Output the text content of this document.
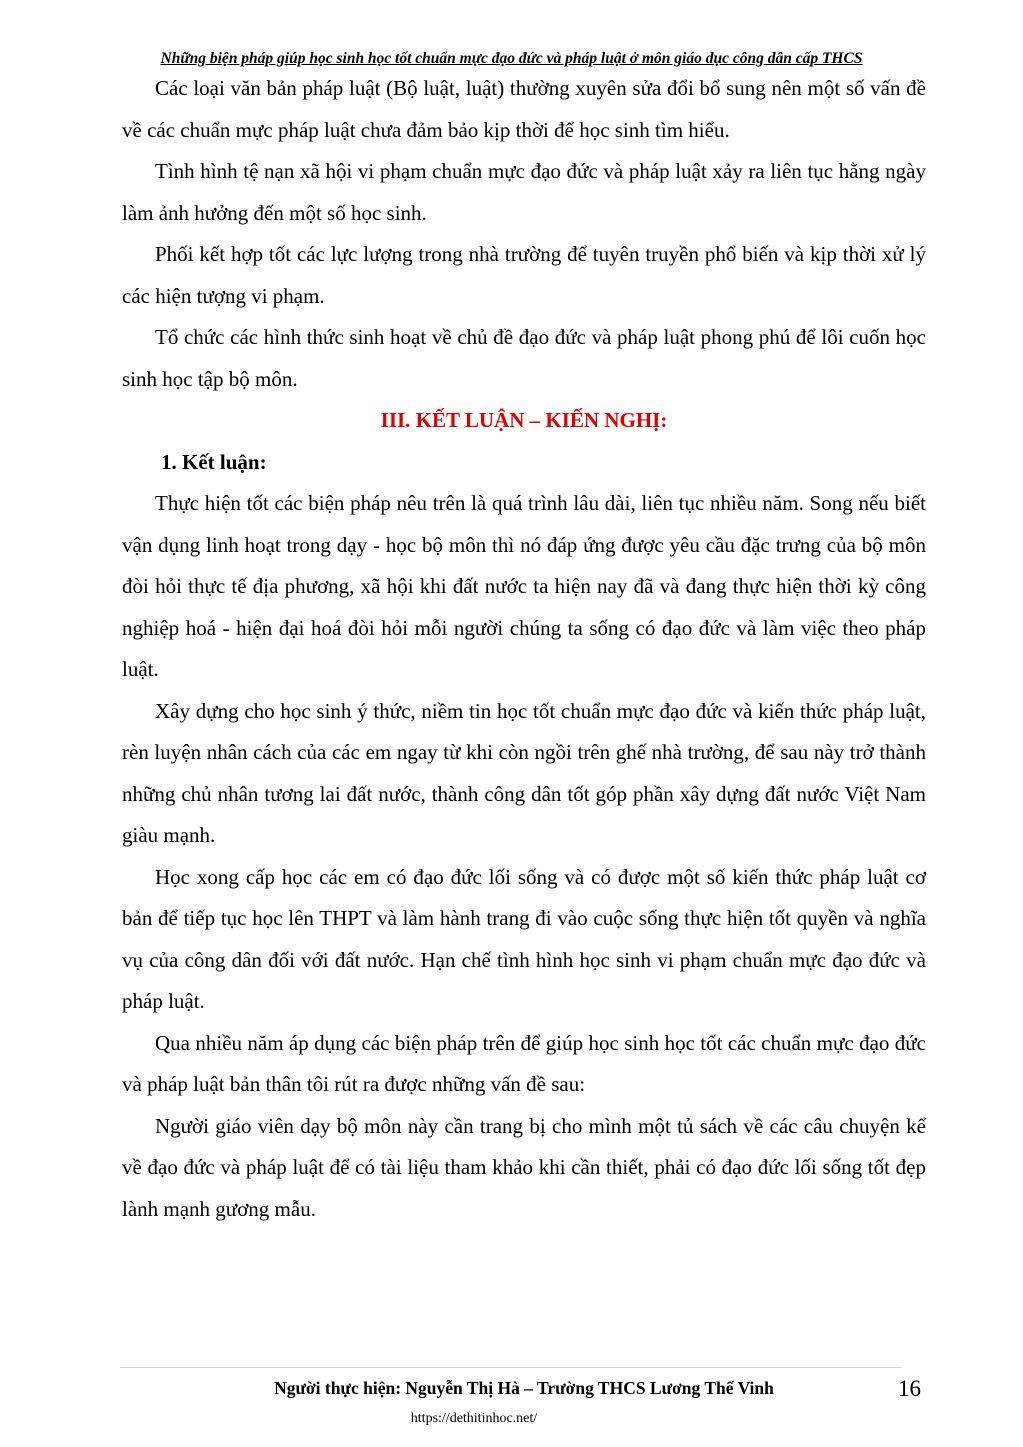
Những biện pháp giúp học sinh học tốt chuẩn mực đạo đức và pháp luật ở môn giáo dục công dân cấp THCS

Các loại văn bản pháp luật (Bộ luật, luật) thường xuyên sửa đổi bổ sung nên một số vấn đề về các chuẩn mực pháp luật chưa đảm bảo kịp thời để học sinh tìm hiểu.

Tình hình tệ nạn xã hội vi phạm chuẩn mực đạo đức và pháp luật xảy ra liên tục hằng ngày làm ảnh hưởng đến một số học sinh.

Phối kết hợp tốt các lực lượng trong nhà trường để tuyên truyền phổ biến và kịp thời xử lý các hiện tượng vi phạm.

Tổ chức các hình thức sinh hoạt về chủ đề đạo đức và pháp luật phong phú để lôi cuốn học sinh học tập bộ môn.

III. KẾT LUẬN – KIẾN NGHỊ:

1. Kết luận:

Thực hiện tốt các biện pháp nêu trên là quá trình lâu dài, liên tục nhiều năm. Song nếu biết vận dụng linh hoạt trong dạy - học bộ môn thì nó đáp ứng được yêu cầu đặc trưng của bộ môn đòi hỏi thực tế địa phương, xã hội khi đất nước ta hiện nay đã và đang thực hiện thời kỳ công nghiệp hoá - hiện đại hoá đòi hỏi mỗi người chúng ta sống có đạo đức và làm việc theo pháp luật.

Xây dựng cho học sinh ý thức, niềm tin học tốt chuẩn mực đạo đức và kiến thức pháp luật, rèn luyện nhân cách của các em ngay từ khi còn ngồi trên ghế nhà trường, để sau này trở thành những chủ nhân tương lai đất nước, thành công dân tốt góp phần xây dựng đất nước Việt Nam giàu mạnh.

Học xong cấp học các em có đạo đức lối sống và có được một số kiến thức pháp luật cơ bản để tiếp tục học lên THPT và làm hành trang đi vào cuộc sống thực hiện tốt quyền và nghĩa vụ của công dân đối với đất nước. Hạn chế tình hình học sinh vi phạm chuẩn mực đạo đức và pháp luật.

Qua nhiều năm áp dụng các biện pháp trên để giúp học sinh học tốt các chuẩn mực đạo đức và pháp luật bản thân tôi rút ra được những vấn đề sau:

Người giáo viên dạy bộ môn này cần trang bị cho mình một tủ sách về các câu chuyện kể về đạo đức và pháp luật để có tài liệu tham khảo khi cần thiết, phải có đạo đức lối sống tốt đẹp lành mạnh gương mẫu.

Người thực hiện: Nguyễn Thị Hà – Trường THCS Lương Thế Vinh	16
https://dethitinhoc.net/
